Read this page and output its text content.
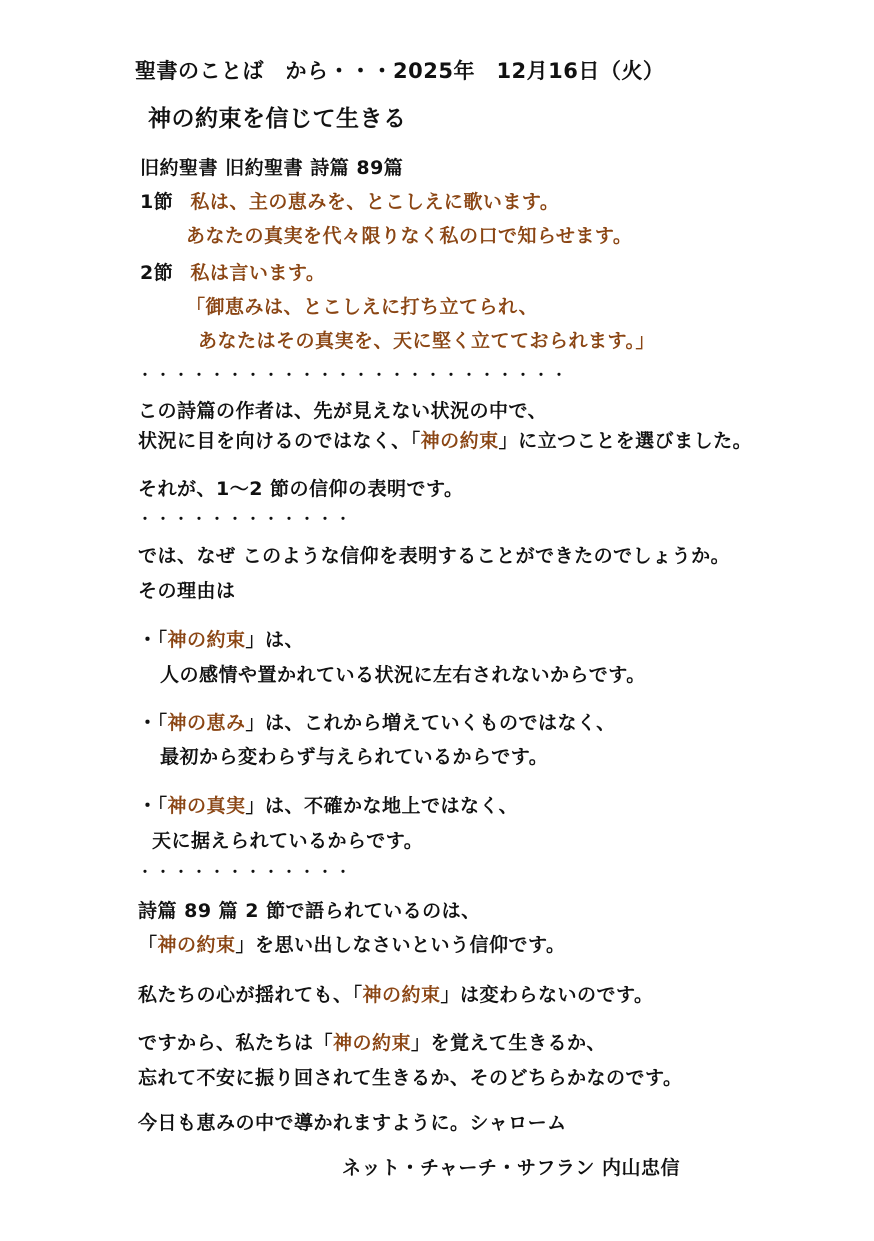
聖書のことば　から・・・2025年　12月16日（火）
神の約束を信じて生きる
旧約聖書 旧約聖書 詩篇 89篇
1節 私は、主の恵みを、とこしえに歌います。
あなたの真実を代々限りなく私の口で知らせます。
2節 私は言います。
「御恵みは、とこしえに打ち立てられ、
あなたはその真実を、天に堅く立てておられます。」
・・・・・・・・・・・・・・・・・・・・・・・・
この詩篇の作者は、先が見えない状況の中で、
状況に目を向けるのではなく、「神の約束」に立つことを選びました。
それが、1～2 節の信仰の表明です。
・・・・・・・・・・・・
では、なぜ このような信仰を表明することができたのでしょうか。
その理由は
・「神の約束」は、
人の感情や置かれている状況に左右されないからです。
・「神の恵み」は、これから増えていくものではなく、
最初から変わらず与えられているからです。
・「神の真実」は、不確かな地上ではなく、
天に据えられているからです。
・・・・・・・・・・・・
詩篇 89 篇 2 節で語られているのは、
「神の約束」を思い出しなさいという信仰です。
私たちの心が揺れても、「神の約束」は変わらないのです。
ですから、私たちは「神の約束」を覚えて生きるか、
忘れて不安に振り回されて生きるか、そのどちらかなのです。
今日も恵みの中で導かれますように。シャローム
ネット・チャーチ・サフラン 内山忠信
